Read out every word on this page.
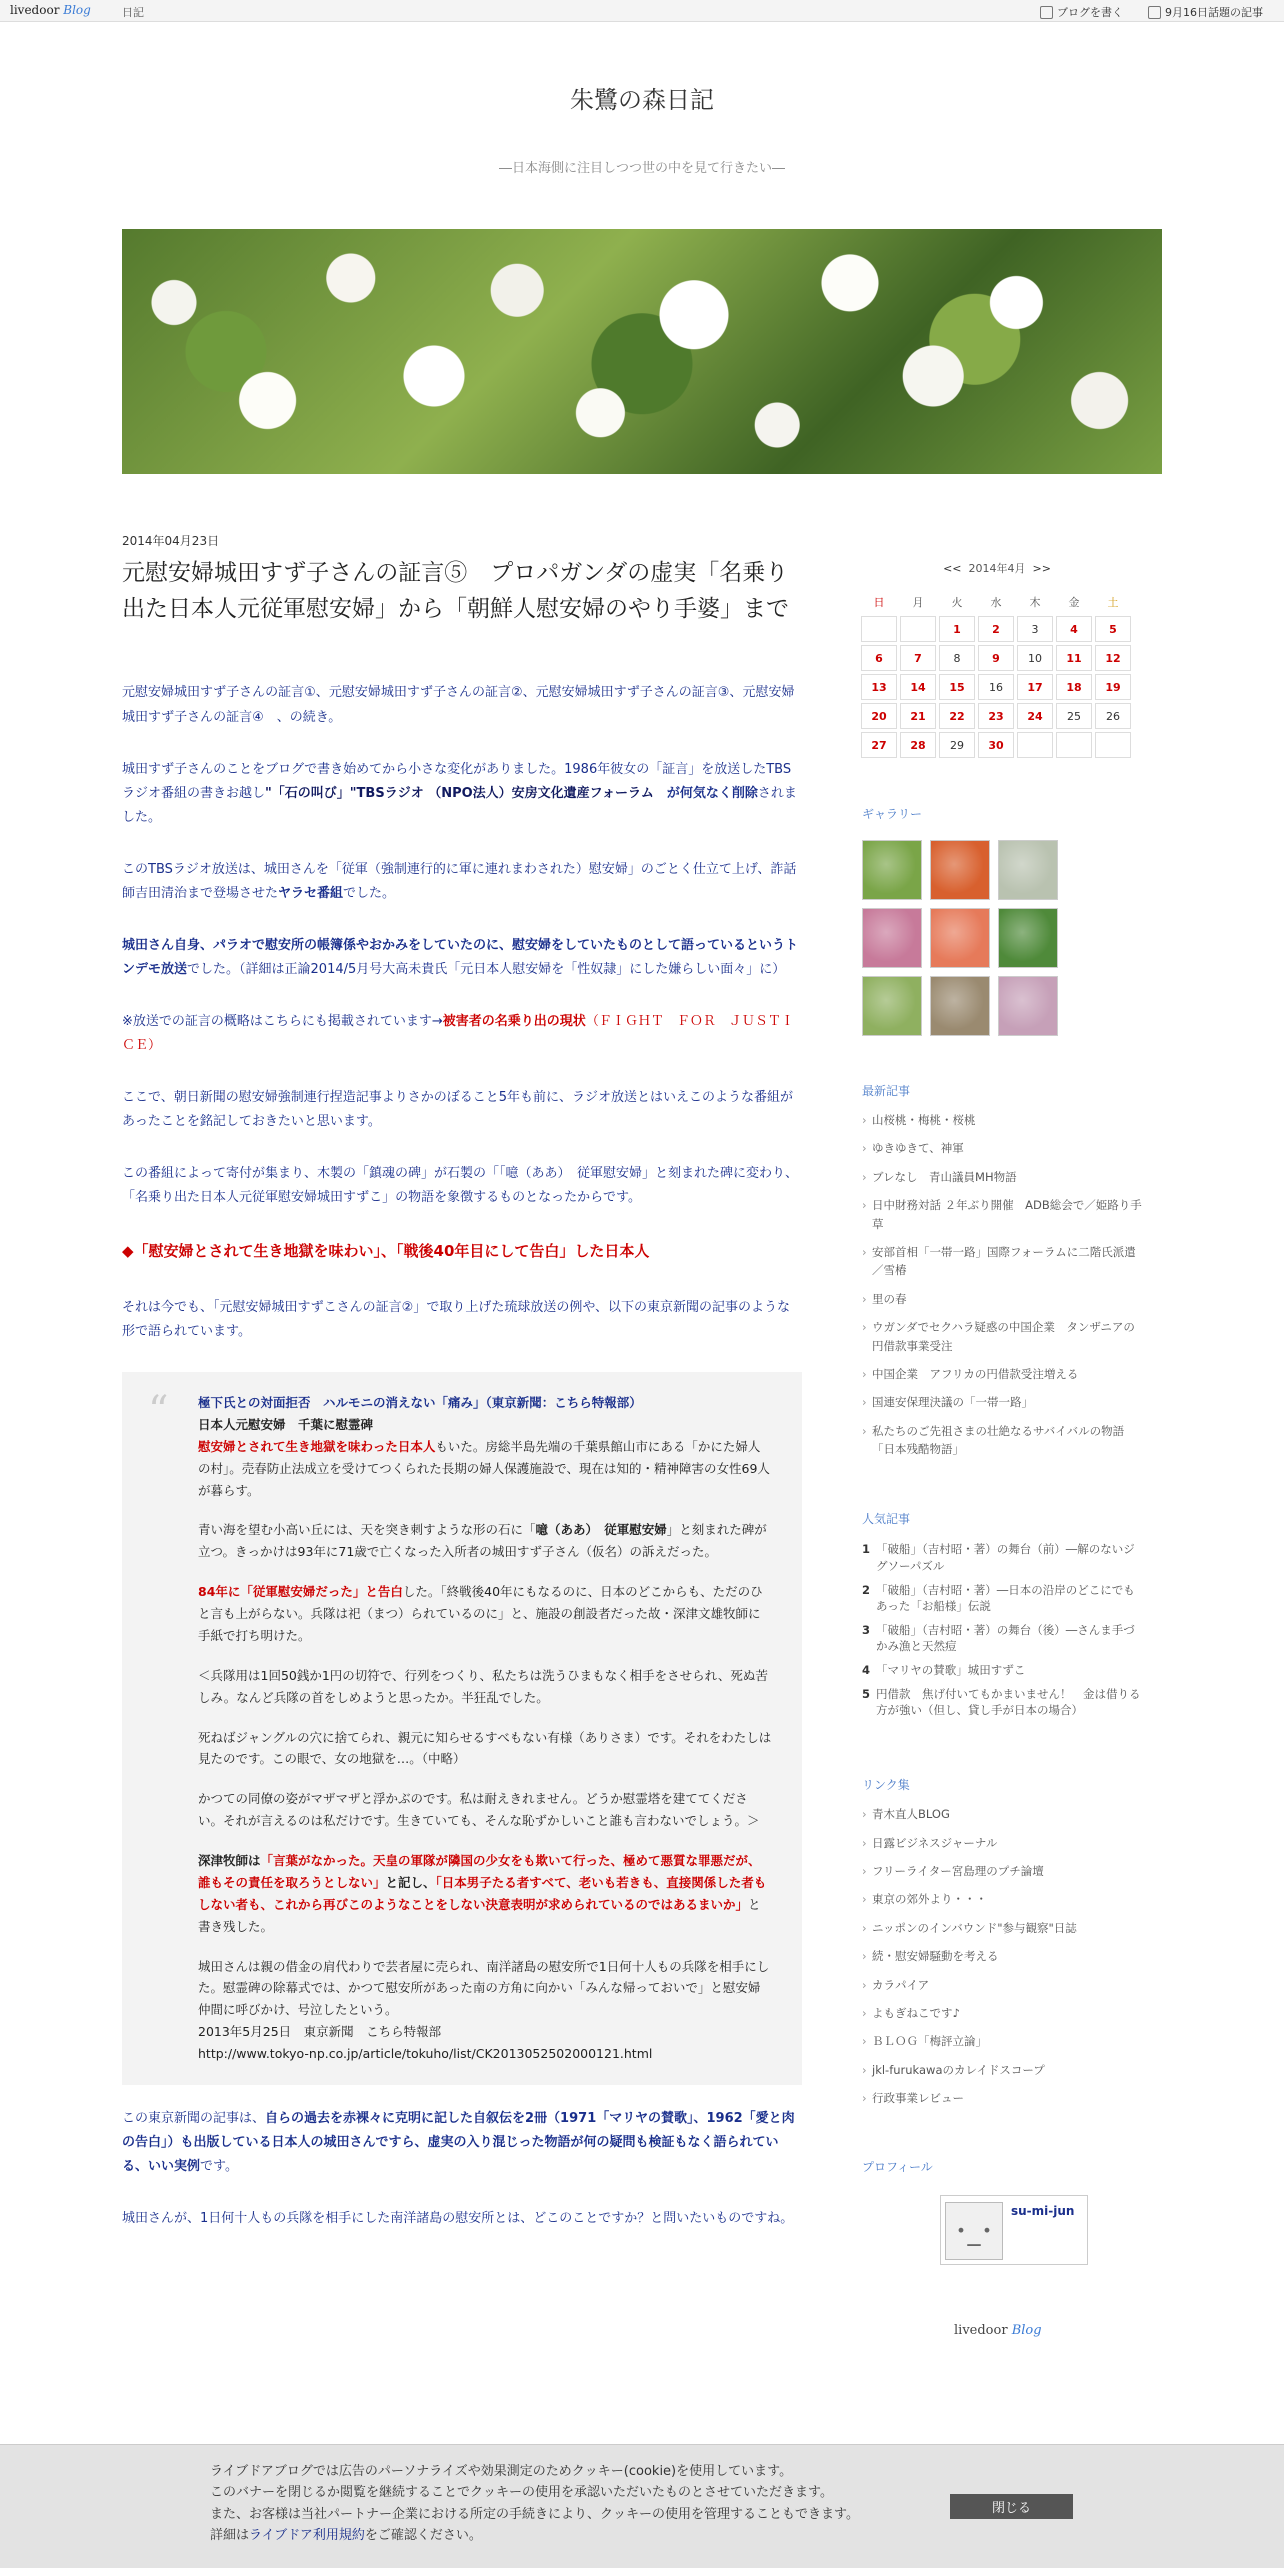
livedoor Blog	日記	ブログを書く	9月16日話題の記事
朱鷺の森日記
―日本海側に注目しつつ世の中を見て行きたい―
2014年04月23日
元慰安婦城田すず子さんの証言⑤　プロパガンダの虚実「名乗り出た日本人元従軍慰安婦」から「朝鮮人慰安婦のやり手婆」まで

元慰安婦城田すず子さんの証言①、元慰安婦城田すず子さんの証言②、元慰安婦城田すず子さんの証言③、元慰安婦城田すず子さんの証言④　、の続き。

城田すず子さんのことをブログで書き始めてから小さな変化がありました。1986年彼女の「証言」を放送したTBSラジオ番組の書きお越し"「石の叫び」"TBSラジオ （NPO法人）安房文化遺産フォーラム　が何気なく削除されました。

このTBSラジオ放送は、城田さんを「従軍（強制連行的に軍に連れまわされた）慰安婦」のごとく仕立て上げ、詐話師吉田清治まで登場させたヤラセ番組でした。

城田さん自身、パラオで慰安所の帳簿係やおかみをしていたのに、慰安婦をしていたものとして語っているというトンデモ放送でした。（詳細は正論2014/5月号大高未貴氏「元日本人慰安婦を「性奴隷」にした嫌らしい面々」に）

※放送での証言の概略はこちらにも掲載されています→被害者の名乗り出の現状（ＦＩＧＨＴ　ＦＯＲ　ＪＵＳＴＩＣＥ）

ここで、朝日新聞の慰安婦強制連行捏造記事よりさかのぼること5年も前に、ラジオ放送とはいえこのような番組があったことを銘記しておきたいと思います。

この番組によって寄付が集まり、木製の「鎮魂の碑」が石製の「「噫（ああ）　従軍慰安婦」と刻まれた碑に変わり、「名乗り出た日本人元従軍慰安婦城田すずこ」の物語を象徴するものとなったからです。

◆「慰安婦とされて生き地獄を味わい」、「戦後40年目にして告白」した日本人

それは今でも、「元慰安婦城田すずこさんの証言②」で取り上げた琉球放送の例や、以下の東京新聞の記事のような形で語られています。

“ 極下氏との対面拒否　ハルモニの消えない「痛み」（東京新聞：こちら特報部）
日本人元慰安婦　千葉に慰霊碑
慰安婦とされて生き地獄を味わった日本人もいた。房総半島先端の千葉県館山市にある「かにた婦人の村」。売春防止法成立を受けてつくられた長期の婦人保護施設で、現在は知的・精神障害の女性69人が暮らす。

青い海を望む小高い丘には、天を突き刺すような形の石に「噫（ああ）　従軍慰安婦」と刻まれた碑が立つ。きっかけは93年に71歳で亡くなった入所者の城田すず子さん（仮名）の訴えだった。

84年に「従軍慰安婦だった」と告白した。「終戦後40年にもなるのに、日本のどこからも、ただのひと言も上がらない。兵隊は祀（まつ）られているのに」と、施設の創設者だった故・深津文雄牧師に手紙で打ち明けた。

＜兵隊用は1回50銭か1円の切符で、行列をつくり、私たちは洗うひまもなく相手をさせられ、死ぬ苦しみ。なんど兵隊の首をしめようと思ったか。半狂乱でした。

死ねばジャングルの穴に捨てられ、親元に知らせるすべもない有様（ありさま）です。それをわたしは見たのです。この眼で、女の地獄を…。（中略）

かつての同僚の姿がマザマザと浮かぶのです。私は耐えきれません。どうか慰霊塔を建ててください。それが言えるのは私だけです。生きていても、そんな恥ずかしいこと誰も言わないでしょう。＞

深津牧師は「言葉がなかった。天皇の軍隊が隣国の少女をも欺いて行った、極めて悪質な罪悪だが、誰もその責任を取ろうとしない」と記し、「日本男子たる者すべて、老いも若きも、直接関係した者もしない者も、これから再びこのようなことをしない決意表明が求められているのではあるまいか」と書き残した。

城田さんは親の借金の肩代わりで芸者屋に売られ、南洋諸島の慰安所で1日何十人もの兵隊を相手にした。慰霊碑の除幕式では、かつて慰安所があった南の方角に向かい「みんな帰っておいで」と慰安婦仲間に呼びかけ、号泣したという。
2013年5月25日　東京新聞　こちら特報部
http://www.tokyo-np.co.jp/article/tokuho/list/CK2013052502000121.html

この東京新聞の記事は、自らの過去を赤裸々に克明に記した自叙伝を2冊（1971「マリヤの賛歌」、1962「愛と肉の告白」）も出版している日本人の城田さんですら、虚実の入り混じった物語が何の疑問も検証もなく語られている、いい実例です。

城田さんが、1日何十人もの兵隊を相手にした南洋諸島の慰安所とは、どこのことですか？と問いたいものですね。

<< 2014年4月 >>
日	月	火	水	木	金	土
		1	2	3	4	5
6	7	8	9	10	11	12
13	14	15	16	17	18	19
20	21	22	23	24	25	26
27	28	29	30			
ギャラリー
最新記事
› 山桜桃・梅桃・桜桃
› ゆきゆきて、神軍
› ブレなし　青山議員MH物語
› 日中財務対話 ２年ぶり開催　ADB総会で／姫路り手草
› 安部首相「一帯一路」国際フォーラムに二階氏派遣／雪椿
› 里の春
› ウガンダでセクハラ疑惑の中国企業　タンザニアの円借款事業受注
› 中国企業　アフリカの円借款受注増える
› 国連安保理決議の「一帯一路」
› 私たちのご先祖さまの壮絶なるサバイバルの物語「日本残酷物語」
人気記事
1 「破船」（吉村昭・著）の舞台（前）―解のないジグソーパズル
2 「破船」（吉村昭・著）―日本の沿岸のどこにでもあった「お船様」伝説
3 「破船」（吉村昭・著）の舞台（後）―さんま手づかみ漁と天然痘
4 「マリヤの賛歌」城田すずこ
5 円借款　焦げ付いてもかまいません！　金は借りる方が強い（但し、貸し手が日本の場合）
リンク集
› 青木直人BLOG
› 日露ビジネスジャーナル
› フリーライター宮島理のプチ論壇
› 東京の郊外より・・・
› ニッポンのインバウンド"参与観察"日誌
› 続・慰安婦騒動を考える
› カラパイア
› よもぎねこです♪
› ＢＬＯＧ「梅評立論」
› jkl-furukawaのカレイドスコープ
› 行政事業レビュー
プロフィール
･_･
su-mi-jun
livedoor Blog
ライブドアブログでは広告のパーソナライズや効果測定のためクッキー(cookie)を使用しています。
このバナーを閉じるか閲覧を継続することでクッキーの使用を承認いただいたものとさせていただきます。
また、お客様は当社パートナー企業における所定の手続きにより、クッキーの使用を管理することもできます。
詳細はライブドア利用規約をご確認ください。
閉じる
